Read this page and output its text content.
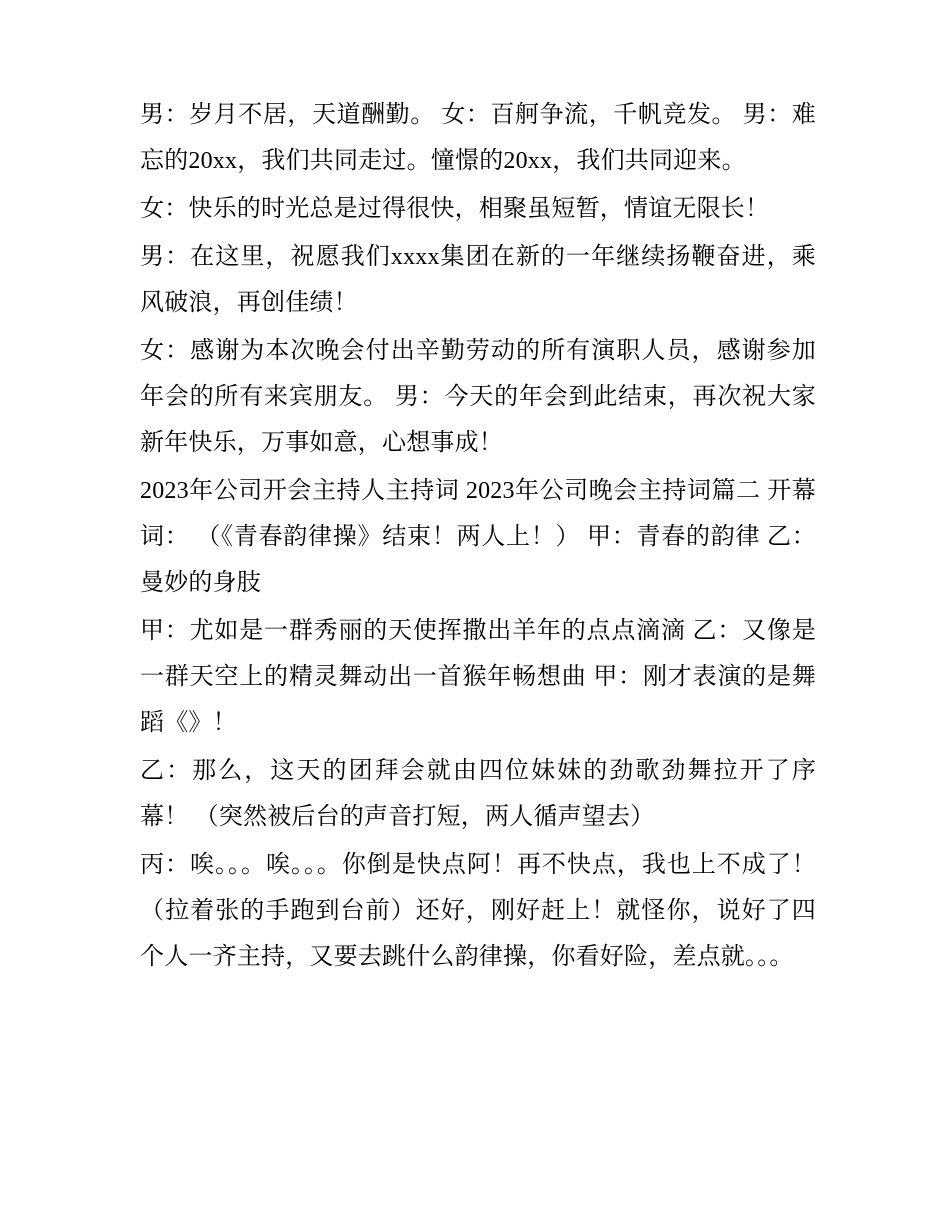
男：岁月不居，天道酬勤。 女：百舸争流，千帆竞发。 男：难忘的20xx，我们共同走过。憧憬的20xx，我们共同迎来。

女：快乐的时光总是过得很快，相聚虽短暂，情谊无限长！

男：在这里，祝愿我们xxxx集团在新的一年继续扬鞭奋进，乘风破浪，再创佳绩！

女：感谢为本次晚会付出辛勤劳动的所有演职人员，感谢参加年会的所有来宾朋友。 男：今天的年会到此结束，再次祝大家新年快乐，万事如意，心想事成！

2023年公司开会主持人主持词 2023年公司晚会主持词篇二 开幕词： （《青春韵律操》结束！两人上！） 甲：青春的韵律 乙：曼妙的身肢

甲：尤如是一群秀丽的天使挥撒出羊年的点点滴滴 乙：又像是一群天空上的精灵舞动出一首猴年畅想曲 甲：刚才表演的是舞蹈《》！

乙：那么，这天的团拜会就由四位妹妹的劲歌劲舞拉开了序幕！ （突然被后台的声音打短，两人循声望去）

丙：唉。。。唉。。。你倒是快点阿！再不快点，我也上不成了！（拉着张的手跑到台前）还好，刚好赶上！就怪你，说好了四个人一齐主持，又要去跳什么韵律操，你看好险，差点就。。。
